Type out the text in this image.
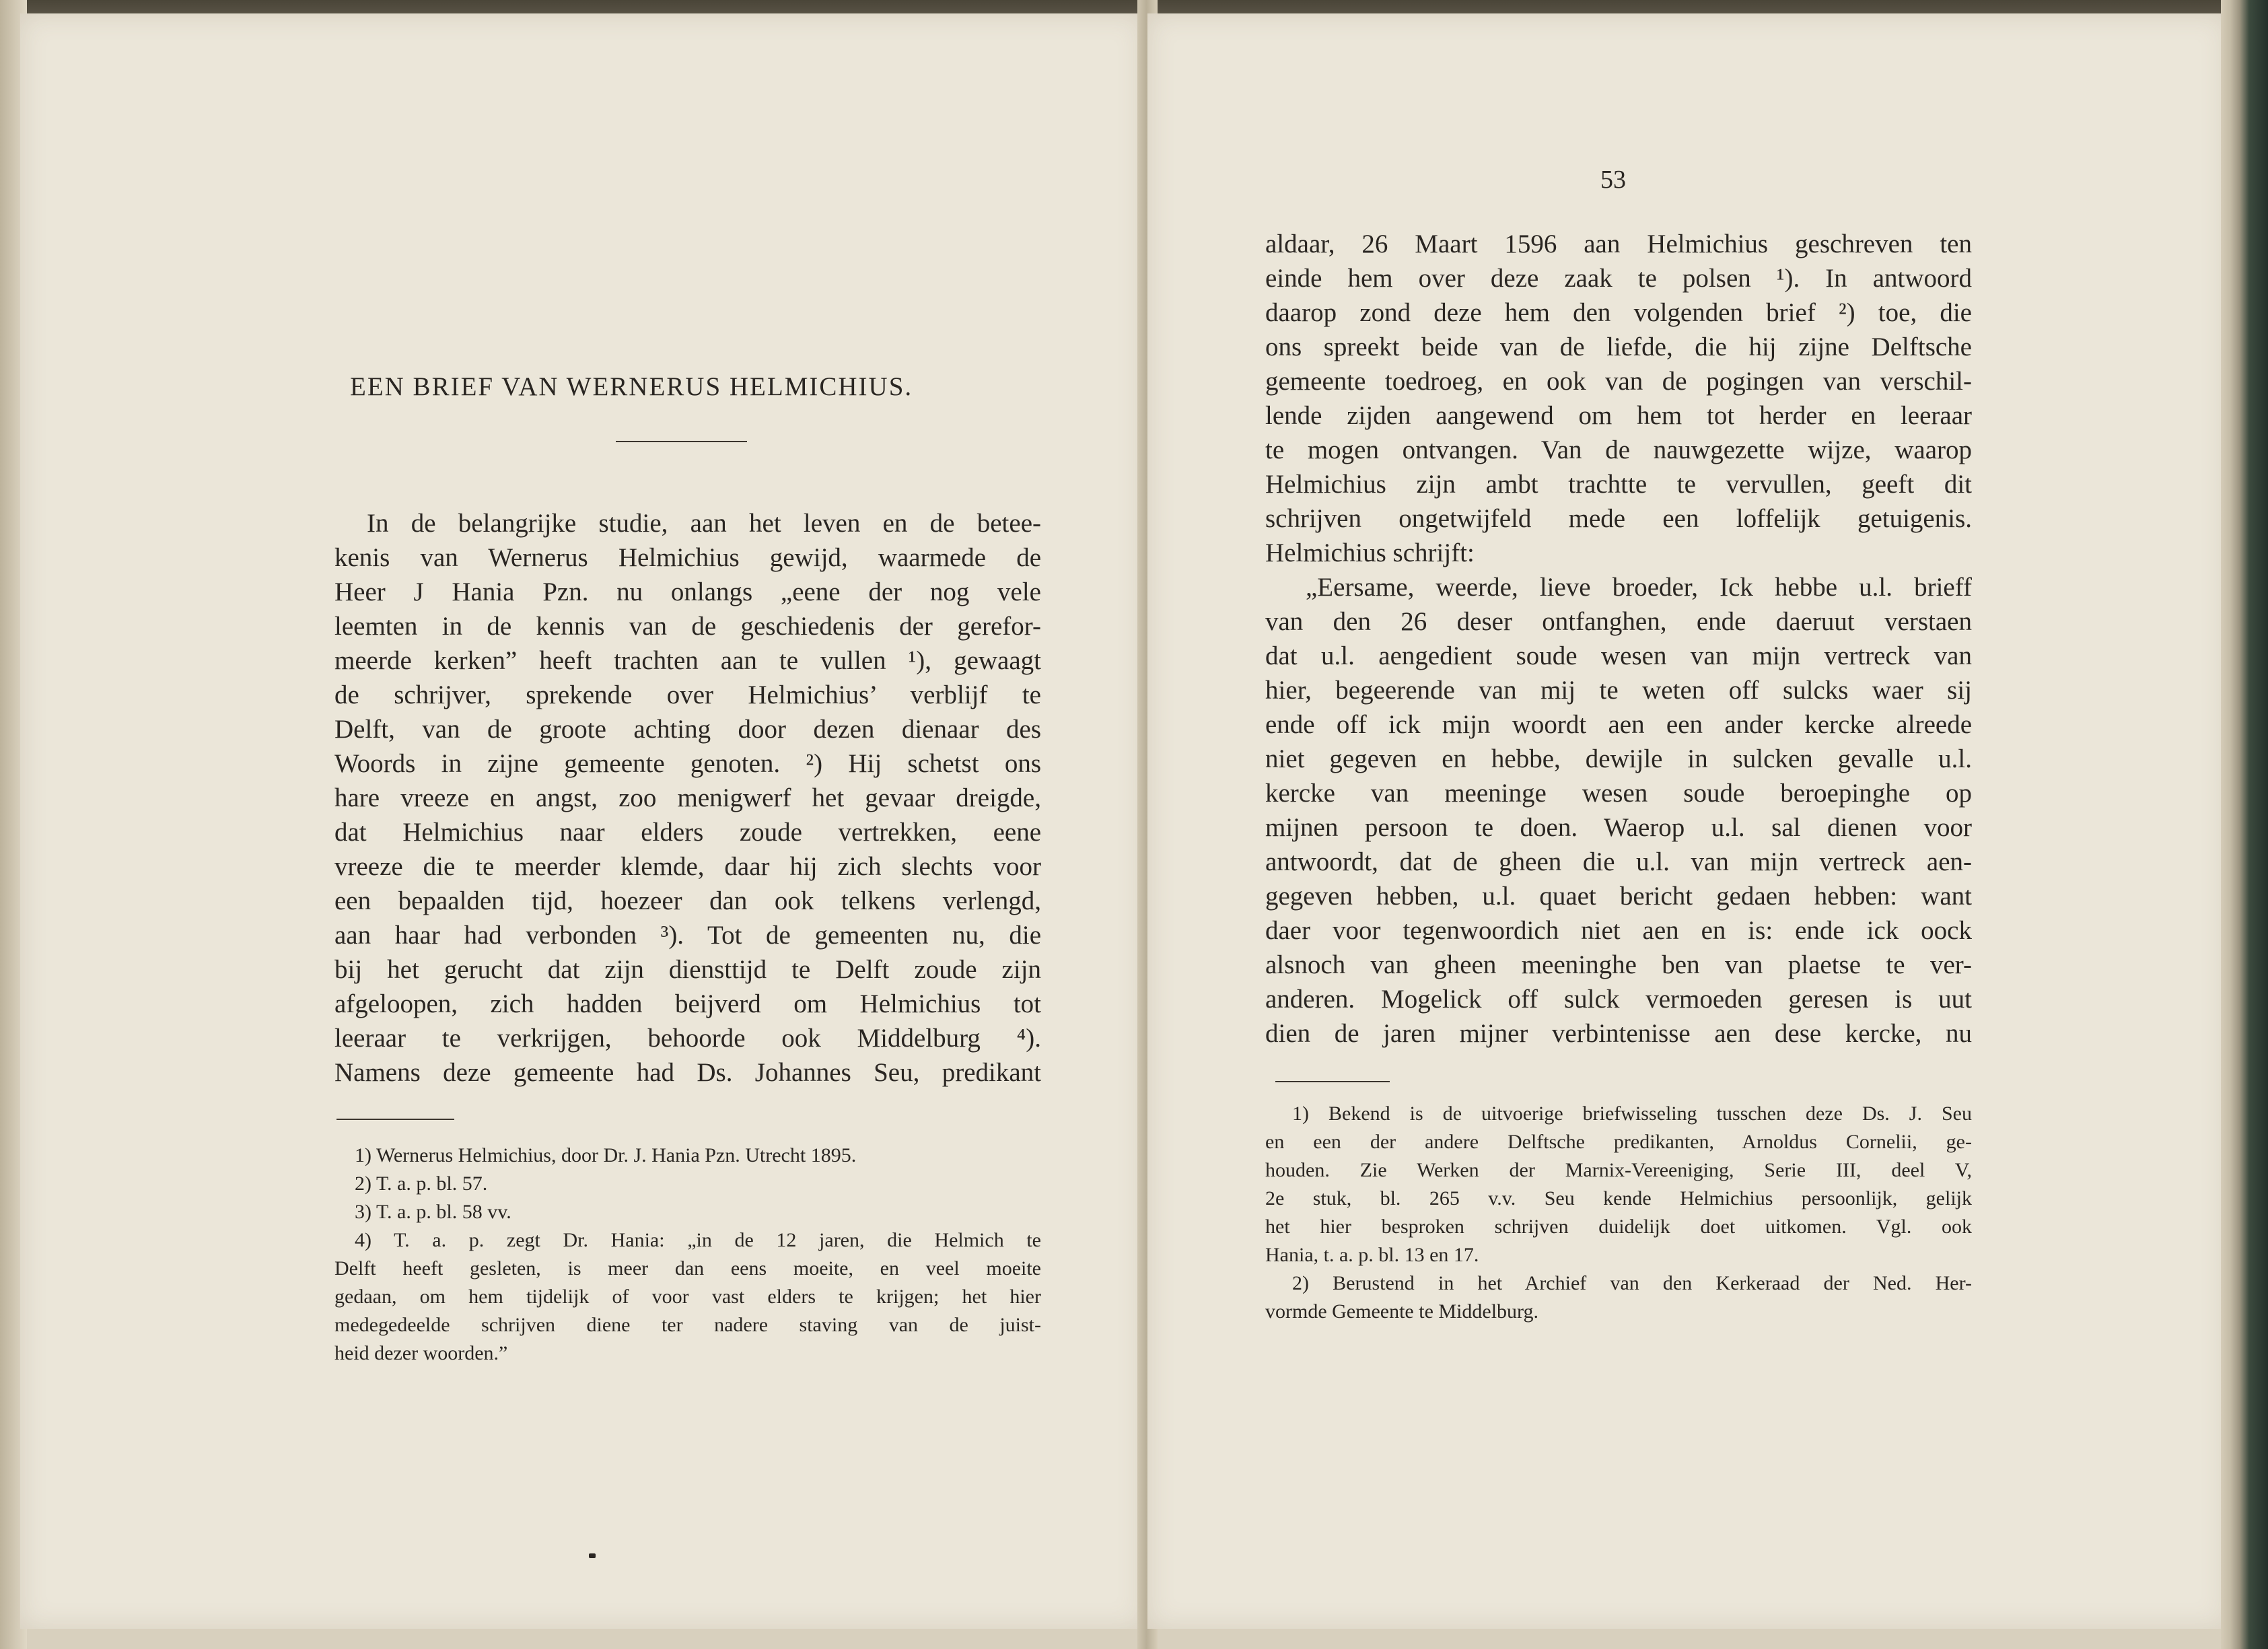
EEN BRIEF VAN WERNERUS HELMICHIUS.
In de belangrijke studie, aan het leven en de betee-
kenis van Wernerus Helmichius gewijd, waarmede de
Heer J Hania Pzn. nu onlangs „eene der nog vele
leemten in de kennis van de geschiedenis der gerefor-
meerde kerken” heeft trachten aan te vullen ¹), gewaagt
de schrijver, sprekende over Helmichius’ verblijf te
Delft, van de groote achting door dezen dienaar des
Woords in zijne gemeente genoten. ²) Hij schetst ons
hare vreeze en angst, zoo menigwerf het gevaar dreigde,
dat Helmichius naar elders zoude vertrekken, eene
vreeze die te meerder klemde, daar hij zich slechts voor
een bepaalden tijd, hoezeer dan ook telkens verlengd,
aan haar had verbonden ³). Tot de gemeenten nu, die
bij het gerucht dat zijn diensttijd te Delft zoude zijn
afgeloopen, zich hadden beijverd om Helmichius tot
leeraar te verkrijgen, behoorde ook Middelburg ⁴).
Namens deze gemeente had Ds. Johannes Seu, predikant
1) Wernerus Helmichius, door Dr. J. Hania Pzn. Utrecht 1895.
2) T. a. p. bl. 57.
3) T. a. p. bl. 58 vv.
4) T. a. p. zegt Dr. Hania: „in de 12 jaren, die Helmich te
Delft heeft gesleten, is meer dan eens moeite, en veel moeite
gedaan, om hem tijdelijk of voor vast elders te krijgen; het hier
medegedeelde schrijven diene ter nadere staving van de juist-
heid dezer woorden.”
53
aldaar, 26 Maart 1596 aan Helmichius geschreven ten
einde hem over deze zaak te polsen ¹). In antwoord
daarop zond deze hem den volgenden brief ²) toe, die
ons spreekt beide van de liefde, die hij zijne Delftsche
gemeente toedroeg, en ook van de pogingen van verschil-
lende zijden aangewend om hem tot herder en leeraar
te mogen ontvangen. Van de nauwgezette wijze, waarop
Helmichius zijn ambt trachtte te vervullen, geeft dit
schrijven ongetwijfeld mede een loffelijk getuigenis.
Helmichius schrijft:
„Eersame, weerde, lieve broeder, Ick hebbe u.l. brieff
van den 26 deser ontfanghen, ende daeruut verstaen
dat u.l. aengedient soude wesen van mijn vertreck van
hier, begeerende van mij te weten off sulcks waer sij
ende off ick mijn woordt aen een ander kercke alreede
niet gegeven en hebbe, dewijle in sulcken gevalle u.l.
kercke van meeninge wesen soude beroepinghe op
mijnen persoon te doen. Waerop u.l. sal dienen voor
antwoordt, dat de gheen die u.l. van mijn vertreck aen-
gegeven hebben, u.l. quaet bericht gedaen hebben: want
daer voor tegenwoordich niet aen en is: ende ick oock
alsnoch van gheen meeninghe ben van plaetse te ver-
anderen. Mogelick off sulck vermoeden geresen is uut
dien de jaren mijner verbintenisse aen dese kercke, nu
1) Bekend is de uitvoerige briefwisseling tusschen deze Ds. J. Seu
en een der andere Delftsche predikanten, Arnoldus Cornelii, ge-
houden. Zie Werken der Marnix-Vereeniging, Serie III, deel V,
2e stuk, bl. 265 v.v. Seu kende Helmichius persoonlijk, gelijk
het hier besproken schrijven duidelijk doet uitkomen. Vgl. ook
Hania, t. a. p. bl. 13 en 17.
2) Berustend in het Archief van den Kerkeraad der Ned. Her-
vormde Gemeente te Middelburg.
